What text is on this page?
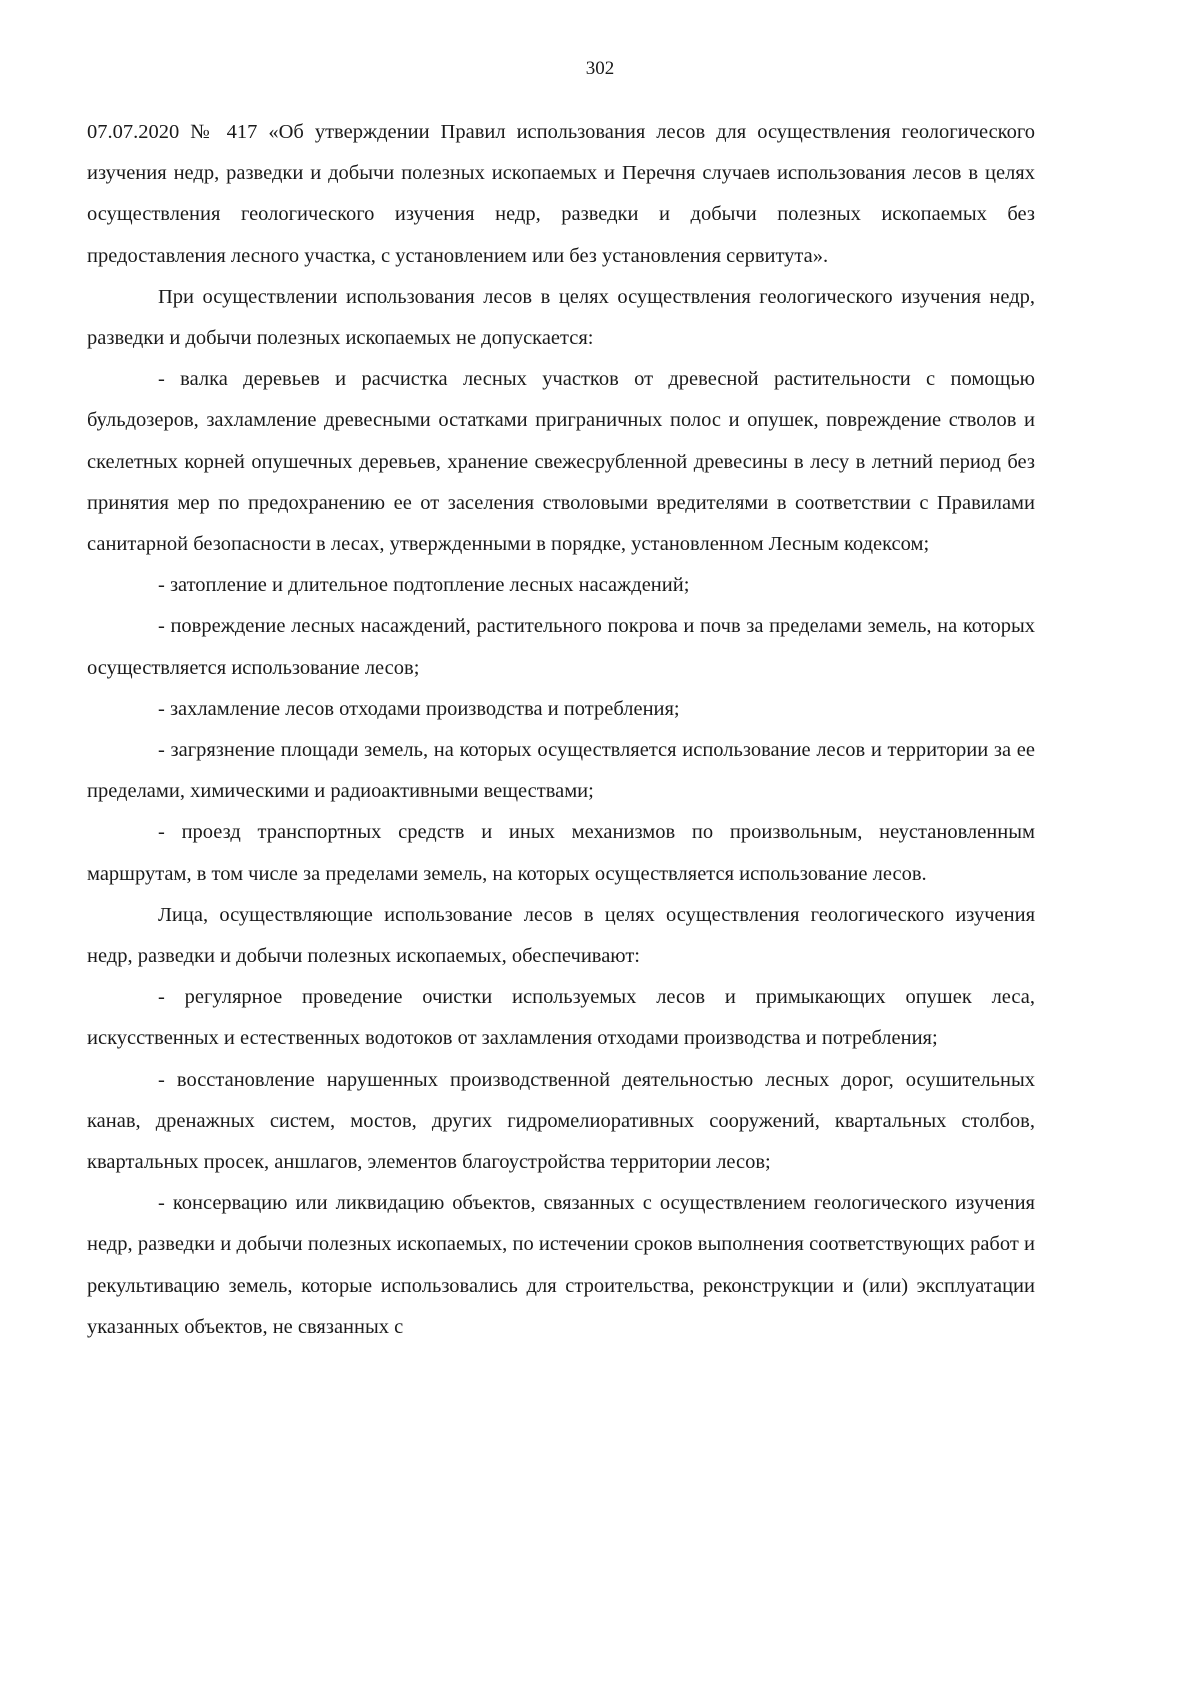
302

07.07.2020 № 417 «Об утверждении Правил использования лесов для осуществления геологического изучения недр, разведки и добычи полезных ископаемых и Перечня случаев использования лесов в целях осуществления геологического изучения недр, разведки и добычи полезных ископаемых без предоставления лесного участка, с установлением или без установления сервитута».

При осуществлении использования лесов в целях осуществления геологического изучения недр, разведки и добычи полезных ископаемых не допускается:

- валка деревьев и расчистка лесных участков от древесной растительности с помощью бульдозеров, захламление древесными остатками приграничных полос и опушек, повреждение стволов и скелетных корней опушечных деревьев, хранение свежесрубленной древесины в лесу в летний период без принятия мер по предохранению ее от заселения стволовыми вредителями в соответствии с Правилами санитарной безопасности в лесах, утвержденными в порядке, установленном Лесным кодексом;

- затопление и длительное подтопление лесных насаждений;

- повреждение лесных насаждений, растительного покрова и почв за пределами земель, на которых осуществляется использование лесов;

- захламление лесов отходами производства и потребления;

- загрязнение площади земель, на которых осуществляется использование лесов и территории за ее пределами, химическими и радиоактивными веществами;

- проезд транспортных средств и иных механизмов по произвольным, неустановленным маршрутам, в том числе за пределами земель, на которых осуществляется использование лесов.

Лица, осуществляющие использование лесов в целях осуществления геологического изучения недр, разведки и добычи полезных ископаемых, обеспечивают:

- регулярное проведение очистки используемых лесов и примыкающих опушек леса, искусственных и естественных водотоков от захламления отходами производства и потребления;

- восстановление нарушенных производственной деятельностью лесных дорог, осушительных канав, дренажных систем, мостов, других гидромелиоративных сооружений, квартальных столбов, квартальных просек, аншлагов, элементов благоустройства территории лесов;

- консервацию или ликвидацию объектов, связанных с осуществлением геологического изучения недр, разведки и добычи полезных ископаемых, по истечении сроков выполнения соответствующих работ и рекультивацию земель, которые использовались для строительства, реконструкции и (или) эксплуатации указанных объектов, не связанных с
